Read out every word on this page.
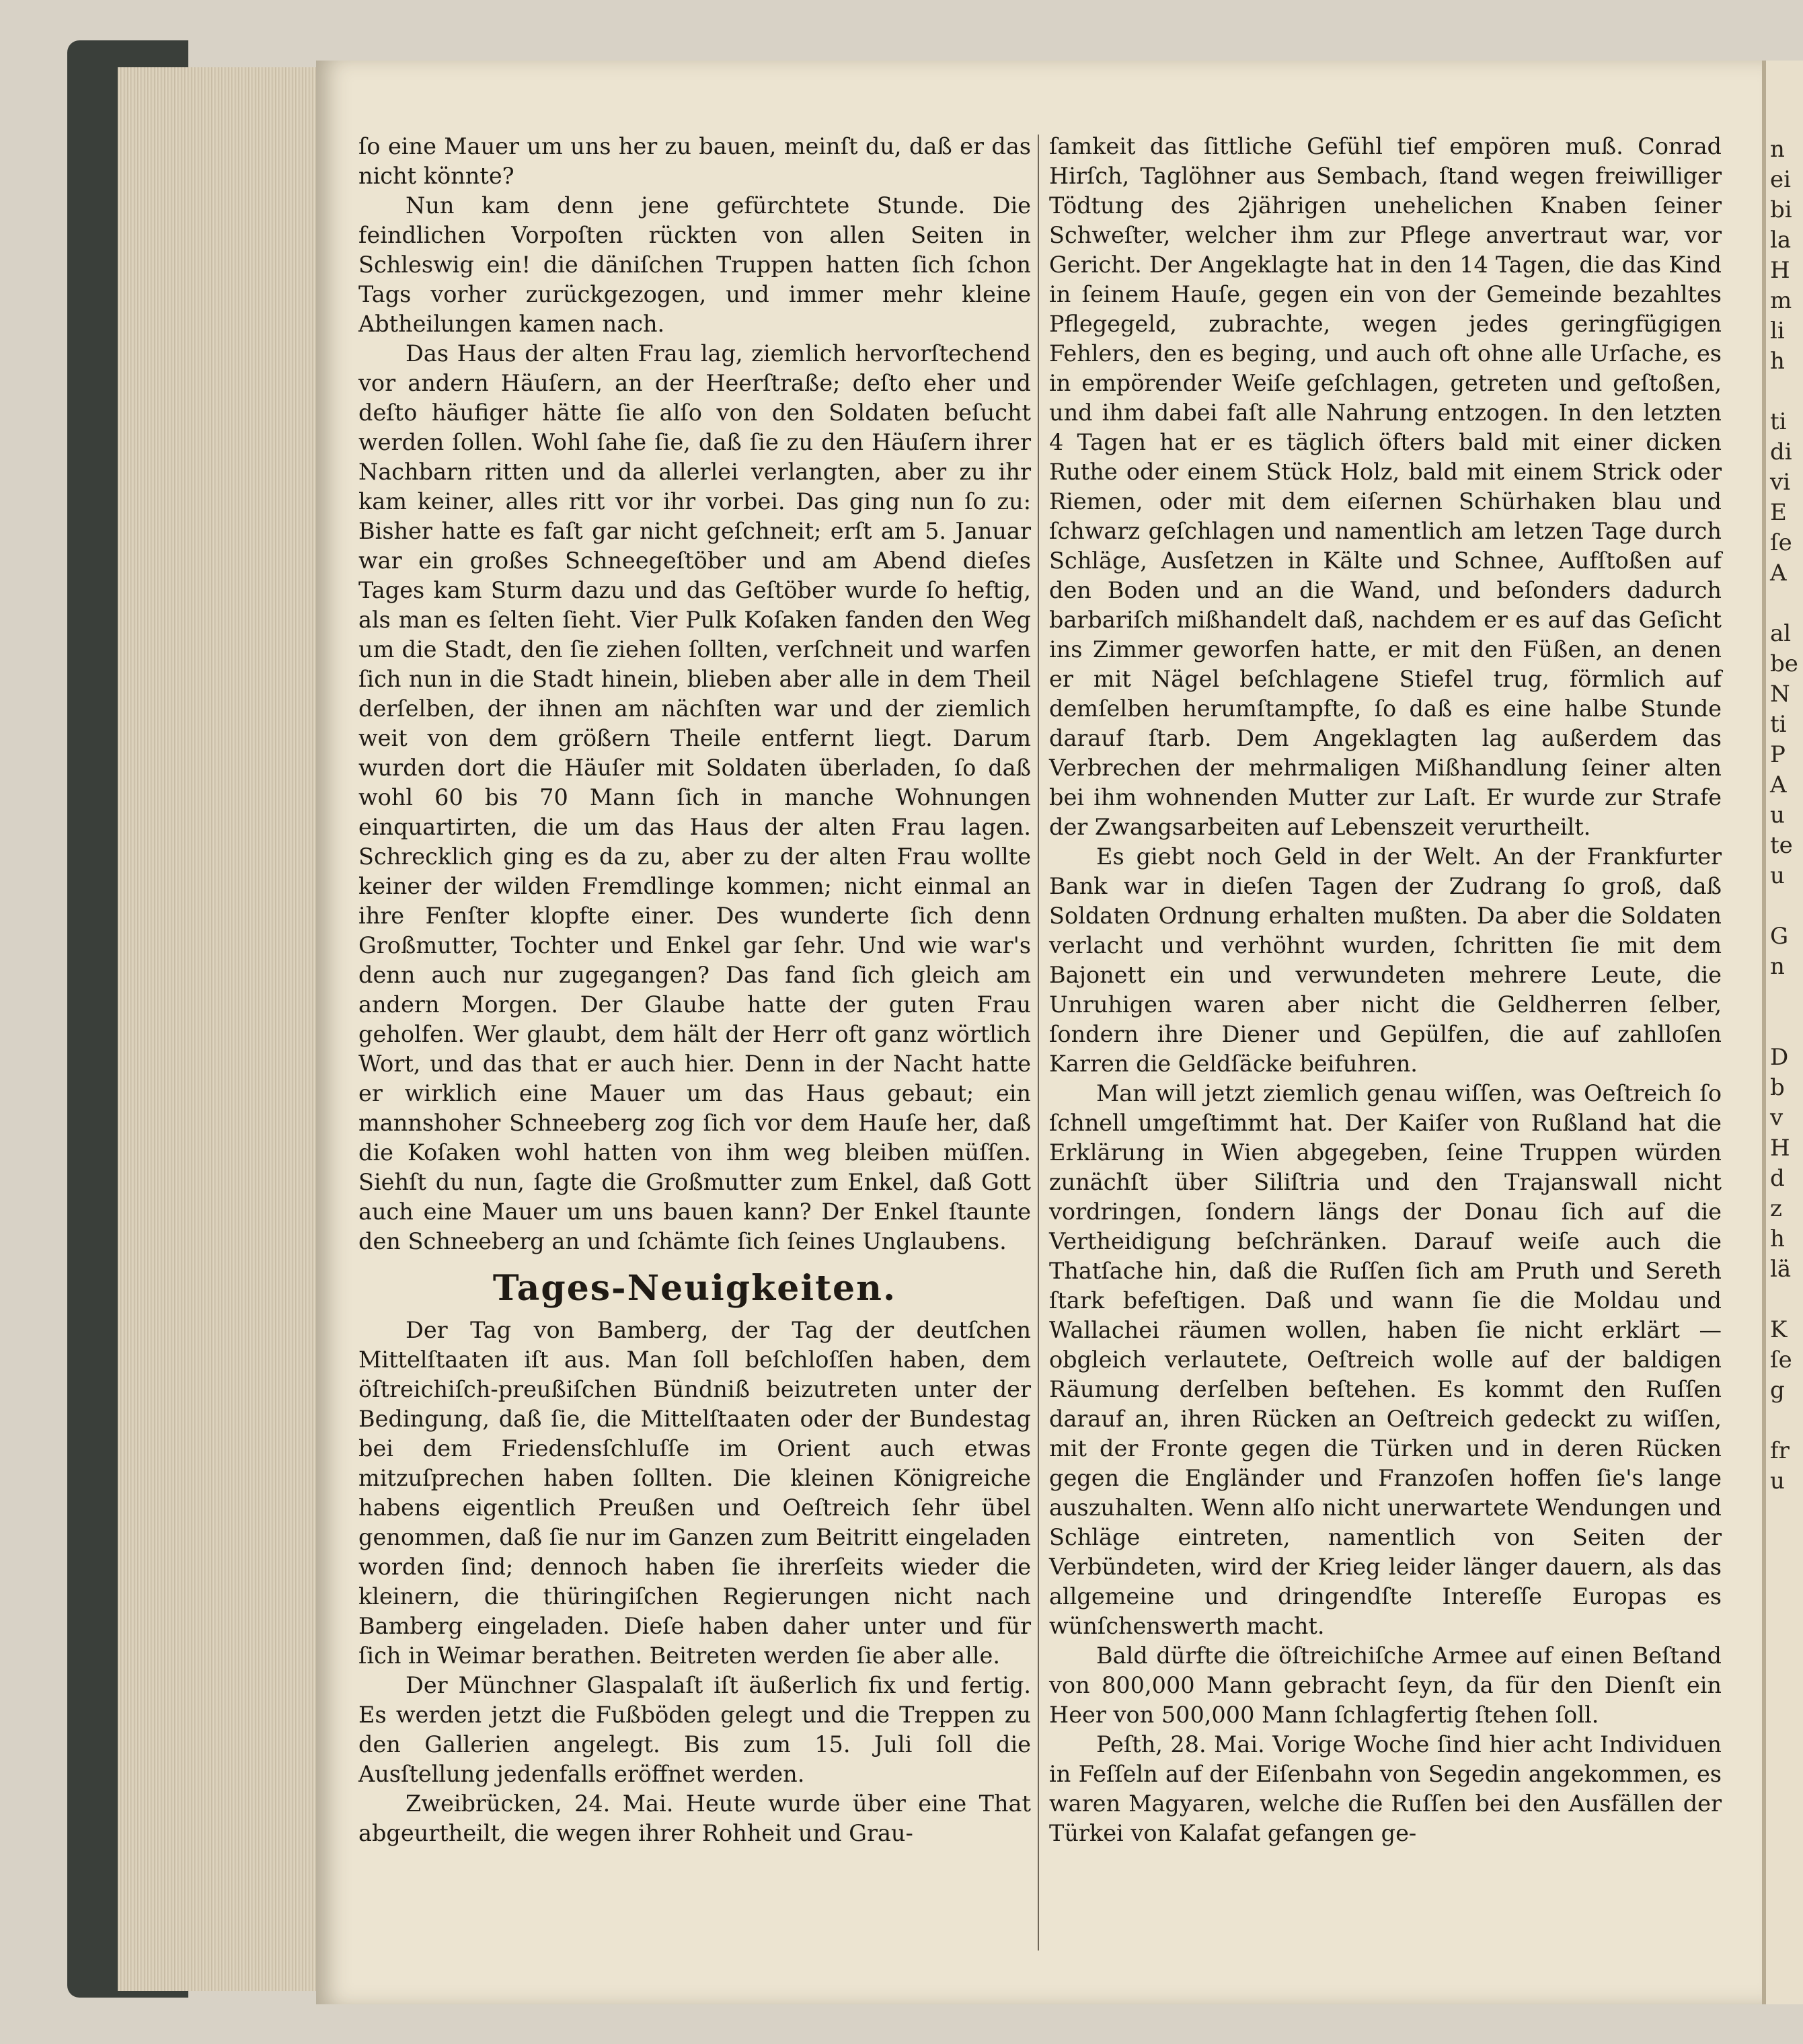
n
ei
bi
la
H
m
li
h

ti
di
vi
E
ſe
A

al
be
N
ti
P
A
u
te
u

G
n

D
b
v
H
d
z
h
lä

K
ſe
g

fr
u

ſo eine Mauer um uns her zu bauen, meinſt du, daß er das nicht könnte?

Nun kam denn jene gefürchtete Stunde. Die feindlichen Vorpoſten rückten von allen Seiten in Schleswig ein! die däniſchen Truppen hatten ſich ſchon Tags vorher zurückgezogen, und immer mehr kleine Abtheilungen kamen nach.

Das Haus der alten Frau lag, ziemlich hervorſtechend vor andern Häuſern, an der Heerſtraße; deſto eher und deſto häufiger hätte ſie alſo von den Soldaten beſucht werden ſollen. Wohl ſahe ſie, daß ſie zu den Häuſern ihrer Nachbarn ritten und da allerlei verlangten, aber zu ihr kam keiner, alles ritt vor ihr vorbei. Das ging nun ſo zu: Bisher hatte es faſt gar nicht geſchneit; erſt am 5. Januar war ein großes Schneegeſtöber und am Abend dieſes Tages kam Sturm dazu und das Geſtöber wurde ſo heftig, als man es ſelten ſieht. Vier Pulk Koſaken fanden den Weg um die Stadt, den ſie ziehen ſollten, verſchneit und warfen ſich nun in die Stadt hinein, blieben aber alle in dem Theil derſelben, der ihnen am nächſten war und der ziemlich weit von dem größern Theile entfernt liegt. Darum wurden dort die Häuſer mit Soldaten überladen, ſo daß wohl 60 bis 70 Mann ſich in manche Wohnungen einquartirten, die um das Haus der alten Frau lagen. Schrecklich ging es da zu, aber zu der alten Frau wollte keiner der wilden Fremdlinge kommen; nicht einmal an ihre Fenſter klopfte einer. Des wunderte ſich denn Großmutter, Tochter und Enkel gar ſehr. Und wie war's denn auch nur zugegangen? Das fand ſich gleich am andern Morgen. Der Glaube hatte der guten Frau geholfen. Wer glaubt, dem hält der Herr oft ganz wörtlich Wort, und das that er auch hier. Denn in der Nacht hatte er wirklich eine Mauer um das Haus gebaut; ein mannshoher Schneeberg zog ſich vor dem Hauſe her, daß die Koſaken wohl hatten von ihm weg bleiben müſſen. Siehſt du nun, ſagte die Großmutter zum Enkel, daß Gott auch eine Mauer um uns bauen kann? Der Enkel ſtaunte den Schneeberg an und ſchämte ſich ſeines Unglaubens.

Tages-Neuigkeiten.

Der Tag von Bamberg, der Tag der deutſchen Mittelſtaaten iſt aus. Man ſoll beſchloſſen haben, dem öſtreichiſch-preußiſchen Bündniß beizutreten unter der Bedingung, daß ſie, die Mittelſtaaten oder der Bundestag bei dem Friedensſchluſſe im Orient auch etwas mitzuſprechen haben ſollten. Die kleinen Königreiche habens eigentlich Preußen und Oeſtreich ſehr übel genommen, daß ſie nur im Ganzen zum Beitritt eingeladen worden ſind; dennoch haben ſie ihrerſeits wieder die kleinern, die thüringiſchen Regierungen nicht nach Bamberg eingeladen. Dieſe haben daher unter und für ſich in Weimar berathen. Beitreten werden ſie aber alle.

Der Münchner Glaspalaſt iſt äußerlich fix und fertig. Es werden jetzt die Fußböden gelegt und die Treppen zu den Gallerien angelegt. Bis zum 15. Juli ſoll die Ausſtellung jedenfalls eröffnet werden.

Zweibrücken, 24. Mai. Heute wurde über eine That abgeurtheilt, die wegen ihrer Rohheit und Grau-

ſamkeit das ſittliche Gefühl tief empören muß. Conrad Hirſch, Taglöhner aus Sembach, ſtand wegen freiwilliger Tödtung des 2jährigen unehelichen Knaben ſeiner Schweſter, welcher ihm zur Pflege anvertraut war, vor Gericht. Der Angeklagte hat in den 14 Tagen, die das Kind in ſeinem Hauſe, gegen ein von der Gemeinde bezahltes Pflegegeld, zubrachte, wegen jedes geringfügigen Fehlers, den es beging, und auch oft ohne alle Urſache, es in empörender Weiſe geſchlagen, getreten und geſtoßen, und ihm dabei faſt alle Nahrung entzogen. In den letzten 4 Tagen hat er es täglich öfters bald mit einer dicken Ruthe oder einem Stück Holz, bald mit einem Strick oder Riemen, oder mit dem eiſernen Schürhaken blau und ſchwarz geſchlagen und namentlich am letzen Tage durch Schläge, Ausſetzen in Kälte und Schnee, Aufſtoßen auf den Boden und an die Wand, und beſonders dadurch barbariſch mißhandelt daß, nachdem er es auf das Geſicht ins Zimmer geworfen hatte, er mit den Füßen, an denen er mit Nägel beſchlagene Stiefel trug, förmlich auf demſelben herumſtampfte, ſo daß es eine halbe Stunde darauf ſtarb. Dem Angeklagten lag außerdem das Verbrechen der mehrmaligen Mißhandlung ſeiner alten bei ihm wohnenden Mutter zur Laſt. Er wurde zur Strafe der Zwangsarbeiten auf Lebenszeit verurtheilt.

Es giebt noch Geld in der Welt. An der Frankfurter Bank war in dieſen Tagen der Zudrang ſo groß, daß Soldaten Ordnung erhalten mußten. Da aber die Soldaten verlacht und verhöhnt wurden, ſchritten ſie mit dem Bajonett ein und verwundeten mehrere Leute, die Unruhigen waren aber nicht die Geldherren ſelber, ſondern ihre Diener und Gepülfen, die auf zahlloſen Karren die Geldſäcke beifuhren.

Man will jetzt ziemlich genau wiſſen, was Oeſtreich ſo ſchnell umgeſtimmt hat. Der Kaiſer von Rußland hat die Erklärung in Wien abgegeben, ſeine Truppen würden zunächſt über Siliſtria und den Trajanswall nicht vordringen, ſondern längs der Donau ſich auf die Vertheidigung beſchränken. Darauf weiſe auch die Thatſache hin, daß die Ruſſen ſich am Pruth und Sereth ſtark befeſtigen. Daß und wann ſie die Moldau und Wallachei räumen wollen, haben ſie nicht erklärt — obgleich verlautete, Oeſtreich wolle auf der baldigen Räumung derſelben beſtehen. Es kommt den Ruſſen darauf an, ihren Rücken an Oeſtreich gedeckt zu wiſſen, mit der Fronte gegen die Türken und in deren Rücken gegen die Engländer und Franzoſen hoffen ſie's lange auszuhalten. Wenn alſo nicht unerwartete Wendungen und Schläge eintreten, namentlich von Seiten der Verbündeten, wird der Krieg leider länger dauern, als das allgemeine und dringendſte Intereſſe Europas es wünſchenswerth macht.

Bald dürfte die öſtreichiſche Armee auf einen Beſtand von 800,000 Mann gebracht ſeyn, da für den Dienſt ein Heer von 500,000 Mann ſchlagfertig ſtehen ſoll.

Peſth, 28. Mai. Vorige Woche ſind hier acht Individuen in Feſſeln auf der Eiſenbahn von Segedin angekommen, es waren Magyaren, welche die Ruſſen bei den Ausfällen der Türkei von Kalafat gefangen ge-
